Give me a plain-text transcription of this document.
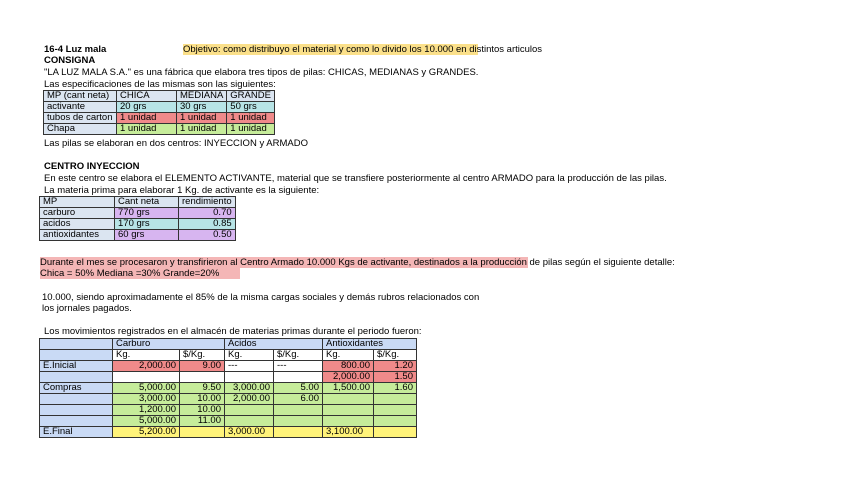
16-4 Luz mala	Objetivo: como distribuyo el material y como lo divido los 10.000 en distintos articulos
CONSIGNA
"LA LUZ MALA S.A." es una fábrica que elabora tres tipos de pilas: CHICAS, MEDIANAS y GRANDES.
Las especificaciones de las mismas son las siguientes:
MP (cant neta)	CHICA	MEDIANA	GRANDE
activante	20 grs	30 grs	50 grs
tubos de carton	1 unidad	1 unidad	1 unidad
Chapa	1 unidad	1 unidad	1 unidad
Las pilas se elaboran en dos centros: INYECCION y ARMADO
CENTRO INYECCION
En este centro se elabora el ELEMENTO ACTIVANTE, material que se transfiere posteriormente al centro ARMADO para la producción de las pilas.
La materia prima para elaborar 1 Kg. de activante es la siguiente:
MP	Cant neta	rendimiento
carburo	770 grs	0.70
acidos	170 grs	0.85
antioxidantes	60 grs	0.50
Durante el mes se procesaron y transfirieron al Centro Armado 10.000 Kgs de activante, destinados a la producción de pilas según el siguiente detalle:
Chica = 50% Mediana =30% Grande=20%
10.000, siendo aproximadamente el 85% de la misma cargas sociales y demás rubros relacionados con
los jornales pagados.
Los movimientos registrados en el almacén de materias primas durante el periodo fueron:
	Carburo		Acidos		Antioxidantes	
	Kg.	$/Kg.	Kg.	$/Kg.	Kg.	$/Kg.
E.Inicial	2,000.00	9.00	---	---	800.00	1.20
					2,000.00	1.50
Compras	5,000.00	9.50	3,000.00	5.00	1,500.00	1.60
	3,000.00	10.00	2,000.00	6.00		
	1,200.00	10.00				
	5,000.00	11.00				
E.Final	5,200.00		3,000.00		3,100.00	
